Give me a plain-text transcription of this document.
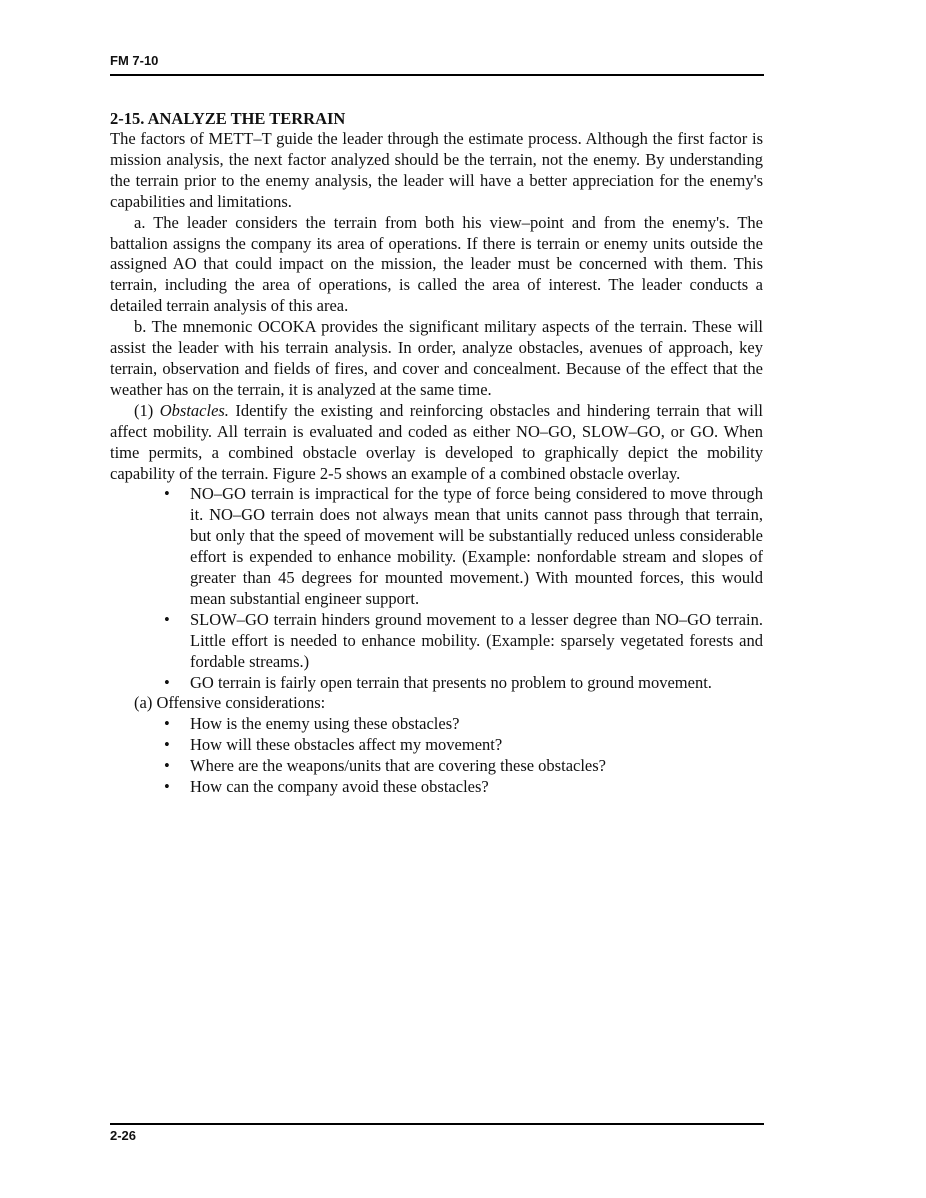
FM 7-10

2-15. ANALYZE THE TERRAIN

The factors of METT–T guide the leader through the estimate process. Although the first factor is mission analysis, the next factor analyzed should be the terrain, not the enemy. By understanding the terrain prior to the enemy analysis, the leader will have a better appreciation for the enemy's capabilities and limitations.

a. The leader considers the terrain from both his view–point and from the enemy's. The battalion assigns the company its area of operations. If there is terrain or enemy units outside the assigned AO that could impact on the mission, the leader must be concerned with them. This terrain, including the area of operations, is called the area of interest. The leader conducts a detailed terrain analysis of this area.

b. The mnemonic OCOKA provides the significant military aspects of the terrain. These will assist the leader with his terrain analysis. In order, analyze obstacles, avenues of approach, key terrain, observation and fields of fires, and cover and concealment. Because of the effect that the weather has on the terrain, it is analyzed at the same time.

(1) Obstacles. Identify the existing and reinforcing obstacles and hindering terrain that will affect mobility. All terrain is evaluated and coded as either NO–GO, SLOW–GO, or GO. When time permits, a combined obstacle overlay is developed to graphically depict the mobility capability of the terrain. Figure 2-5 shows an example of a combined obstacle overlay.

• NO–GO terrain is impractical for the type of force being considered to move through it. NO–GO terrain does not always mean that units cannot pass through that terrain, but only that the speed of movement will be substantially reduced unless considerable effort is expended to enhance mobility. (Example: nonfordable stream and slopes of greater than 45 degrees for mounted movement.) With mounted forces, this would mean substantial engineer support.
• SLOW–GO terrain hinders ground movement to a lesser degree than NO–GO terrain. Little effort is needed to enhance mobility. (Example: sparsely vegetated forests and fordable streams.)
• GO terrain is fairly open terrain that presents no problem to ground movement.

(a) Offensive considerations:

• How is the enemy using these obstacles?
• How will these obstacles affect my movement?
• Where are the weapons/units that are covering these obstacles?
• How can the company avoid these obstacles?
2-26
